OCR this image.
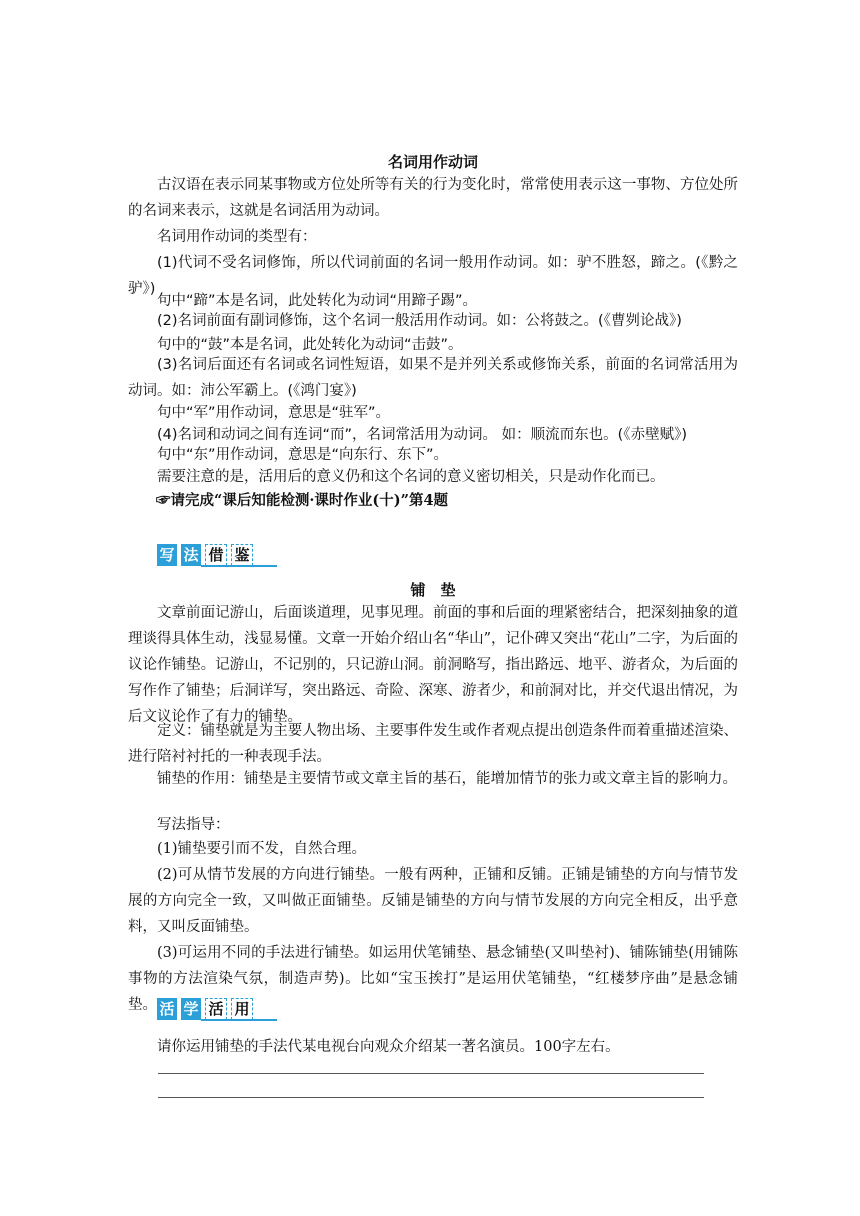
名词用作动词

古汉语在表示同某事物或方位处所等有关的行为变化时，常常使用表示这一事物、方位处所的名词来表示，这就是名词活用为动词。

名词用作动词的类型有：

(1)代词不受名词修饰，所以代词前面的名词一般用作动词。如：驴不胜怒，蹄之。(《黔之驴》)

句中“蹄”本是名词，此处转化为动词“用蹄子踢”。

(2)名词前面有副词修饰，这个名词一般活用作动词。如：公将鼓之。(《曹刿论战》)

句中的“鼓”本是名词，此处转化为动词“击鼓”。

(3)名词后面还有名词或名词性短语，如果不是并列关系或修饰关系，前面的名词常活用为动词。如：沛公军霸上。(《鸿门宴》)

句中“军”用作动词，意思是“驻军”。

(4)名词和动词之间有连词“而”，名词常活用为动词。 如：顺流而东也。(《赤壁赋》)

句中“东”用作动词，意思是“向东行、东下”。

需要注意的是，活用后的意义仍和这个名词的意义密切相关，只是动作化而已。

☞请完成“课后知能检测·课时作业(十)”第4题

写 法 借 鉴
铺　垫

文章前面记游山，后面谈道理，见事见理。前面的事和后面的理紧密结合，把深刻抽象的道理谈得具体生动，浅显易懂。文章一开始介绍山名“华山”，记仆碑又突出“花山”二字，为后面的议论作铺垫。记游山，不记别的，只记游山洞。前洞略写，指出路远、地平、游者众，为后面的写作作了铺垫；后洞详写，突出路远、奇险、深寒、游者少，和前洞对比，并交代退出情况，为后文议论作了有力的铺垫。

定义：铺垫就是为主要人物出场、主要事件发生或作者观点提出创造条件而着重描述渲染、进行陪衬衬托的一种表现手法。

铺垫的作用：铺垫是主要情节或文章主旨的基石，能增加情节的张力或文章主旨的影响力。

写法指导：

(1)铺垫要引而不发，自然合理。

(2)可从情节发展的方向进行铺垫。一般有两种，正铺和反铺。正铺是铺垫的方向与情节发展的方向完全一致，又叫做正面铺垫。反铺是铺垫的方向与情节发展的方向完全相反，出乎意料，又叫反面铺垫。

(3)可运用不同的手法进行铺垫。如运用伏笔铺垫、悬念铺垫(又叫垫衬)、铺陈铺垫(用铺陈事物的方法渲染气氛，制造声势)。比如“宝玉挨打”是运用伏笔铺垫，“红楼梦序曲”是悬念铺垫。 活 学 活 用

请你运用铺垫的手法代某电视台向观众介绍某一著名演员。100字左右。
